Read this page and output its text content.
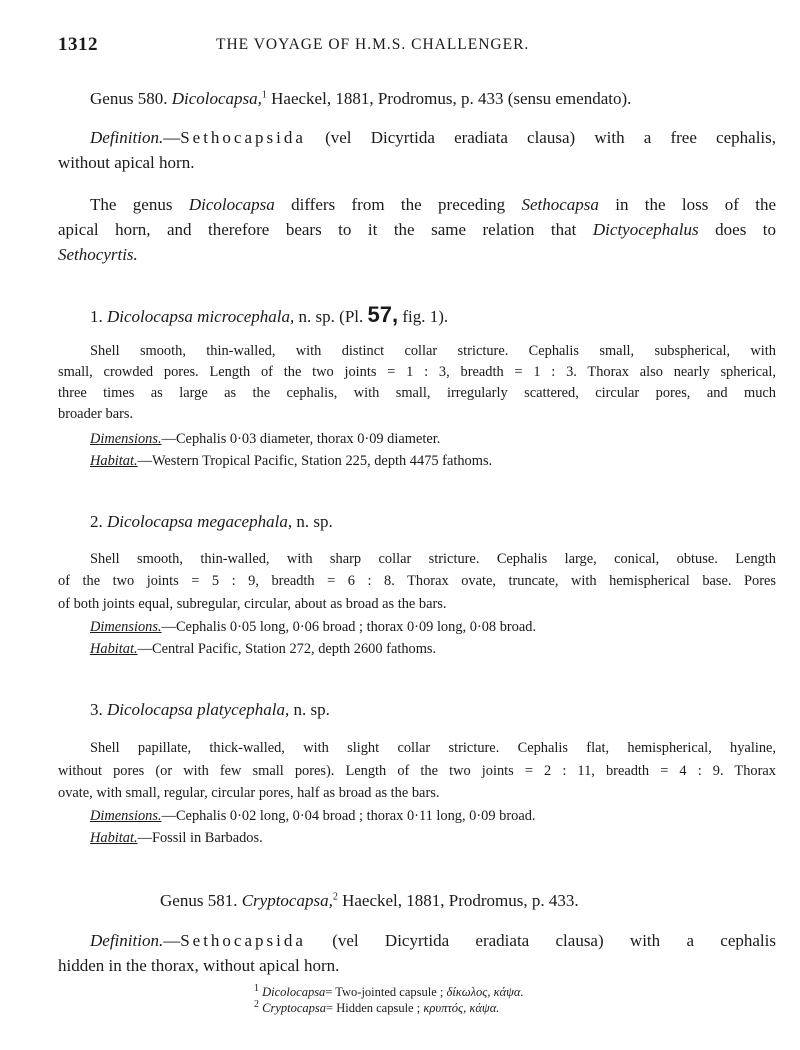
1312	THE VOYAGE OF H.M.S. CHALLENGER.
Genus 580. Dicolocapsa,$^1$ Haeckel, 1881, Prodromus, p. 433 (sensu emendato).

Definition.—Sethocapsida (vel Dicyrtida eradiata clausa) with a free cephalis,

without apical horn.

The genus Dicolocapsa differs from the preceding Sethocapsa in the loss of the

apical horn, and therefore bears to it the same relation that Dictyocephalus does to

Sethocyrtis.

1. Dicolocapsa microcephala, n. sp. (Pl. 57, fig. 1).

Shell smooth, thin-walled, with distinct collar stricture. Cephalis small, subspherical, with

small, crowded pores. Length of the two joints = 1 : 3, breadth = 1 : 3. Thorax also nearly spherical,

three times as large as the cephalis, with small, irregularly scattered, circular pores, and much

broader bars.

Dimensions.—Cephalis 0·03 diameter, thorax 0·09 diameter.

Habitat.—Western Tropical Pacific, Station 225, depth 4475 fathoms.

2. Dicolocapsa megacephala, n. sp.

Shell smooth, thin-walled, with sharp collar stricture. Cephalis large, conical, obtuse. Length

of the two joints = 5 : 9, breadth = 6 : 8. Thorax ovate, truncate, with hemispherical base. Pores

of both joints equal, subregular, circular, about as broad as the bars.

Dimensions.—Cephalis 0·05 long, 0·06 broad ; thorax 0·09 long, 0·08 broad.

Habitat.—Central Pacific, Station 272, depth 2600 fathoms.

3. Dicolocapsa platycephala, n. sp.

Shell papillate, thick-walled, with slight collar stricture. Cephalis flat, hemispherical, hyaline,

without pores (or with few small pores). Length of the two joints = 2 : 11, breadth = 4 : 9. Thorax

ovate, with small, regular, circular pores, half as broad as the bars.

Dimensions.—Cephalis 0·02 long, 0·04 broad ; thorax 0·11 long, 0·09 broad.

Habitat.—Fossil in Barbados.

Genus 581. Cryptocapsa,$^2$ Haeckel, 1881, Prodromus, p. 433.

Definition.—Sethocapsida (vel Dicyrtida eradiata clausa) with a cephalis

hidden in the thorax, without apical horn.

$^1$ Dicolocapsa= Two-jointed capsule ; δίκωλος, κάψα.
$^2$ Cryptocapsa= Hidden capsule ; κρυπτός, κάψα.
